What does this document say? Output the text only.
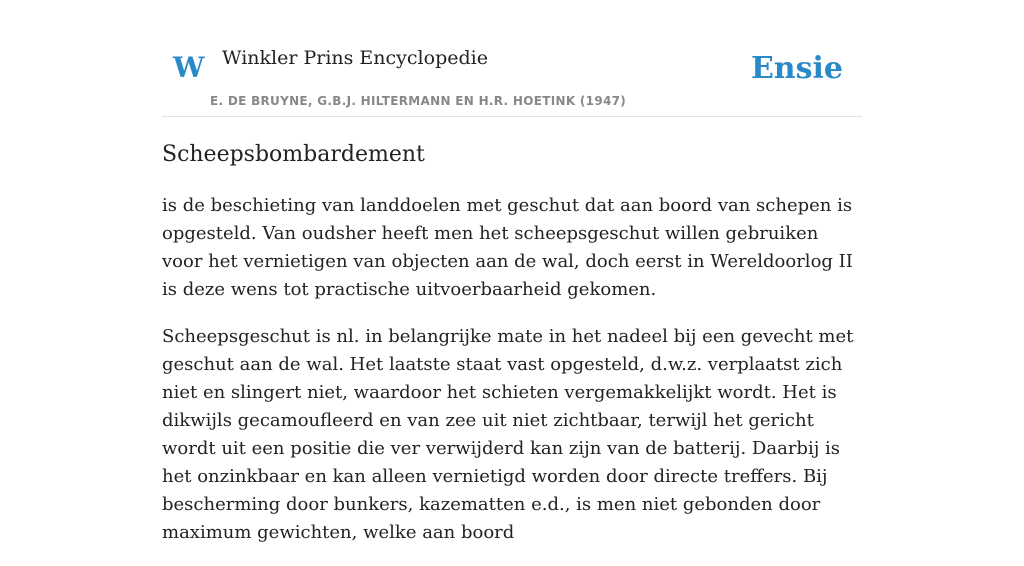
W Winkler Prins Encyclopedie
E. DE BRUYNE, G.B.J. HILTERMANN EN H.R. HOETINK (1947)
Ensie
Scheepsbombardement

is de beschieting van landdoelen met geschut dat aan boord van schepen is opgesteld. Van oudsher heeft men het scheepsgeschut willen gebruiken voor het vernietigen van objecten aan de wal, doch eerst in Wereldoorlog II is deze wens tot practische uitvoerbaarheid gekomen.

Scheepsgeschut is nl. in belangrijke mate in het nadeel bij een gevecht met geschut aan de wal. Het laatste staat vast opgesteld, d.w.z. verplaatst zich niet en slingert niet, waardoor het schieten vergemakkelijkt wordt. Het is dikwijls gecamoufleerd en van zee uit niet zichtbaar, terwijl het gericht wordt uit een positie die ver verwijderd kan zijn van de batterij. Daarbij is het onzinkbaar en kan alleen vernietigd worden door directe treffers. Bij bescherming door bunkers, kazematten e.d., is men niet gebonden door maximum gewichten, welke aan boord
